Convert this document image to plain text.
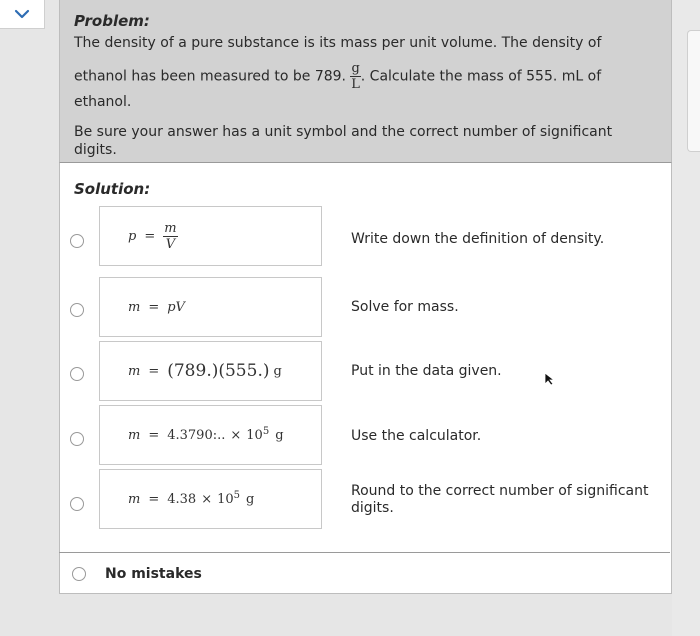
Problem:
The density of a pure substance is its mass per unit volume. The density of
ethanol has been measured to be 789. $\frac{g}{L}$ . Calculate the mass of 555. mL of
ethanol.
Be sure your answer has a unit symbol and the correct number of significant
digits.
Solution:
$p = \frac{m}{V}$	Write down the definition of density.
m = pV	Solve for mass.
m = (789.) (555.) g	Put in the data given.
m = 4.3790:.. × $10^5$ g	Use the calculator.
$m = 4.38 \times 10^5$ g	Round to the correct number of significant
digits.
No mistakes
